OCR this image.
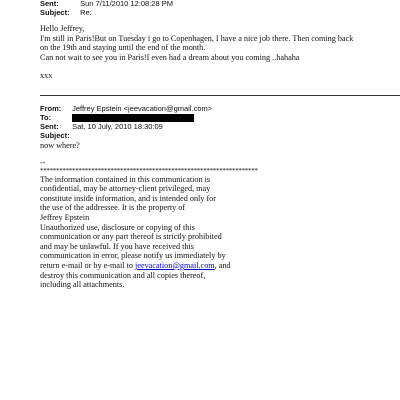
Sent:	Sun 7/11/2010 12:08:28 PM
Subject: Re:

Hello Jeffrey,

I'm still in Paris!But on Tuesday i go to Copenhagen, I have a nice job there. Then coming back

on the 19th and staying until the end of the month.

Can not wait to see you in Paris!I even had a dream about you coming ..hahaha

xxx

From: Jeffrey Epstein <jeevacation@gmail.com>
To:
Sent: Sat, 10 July, 2010 18:30:09
Subject:

now where?

--

********************************************************************

The information contained in this communication is

confidential, may be attorney-client privileged, may

constitute inside information, and is intended only for

the use of the addressee. It is the property of

Jeffrey Epstein

Unauthorized use, disclosure or copying of this

communication or any part thereof is strictly prohibited

and may be unlawful. If you have received this

communication in error, please notify us immediately by

return e-mail or by e-mail to jeevacation@gmail.com, and

destroy this communication and all copies thereof,

including all attachments.
